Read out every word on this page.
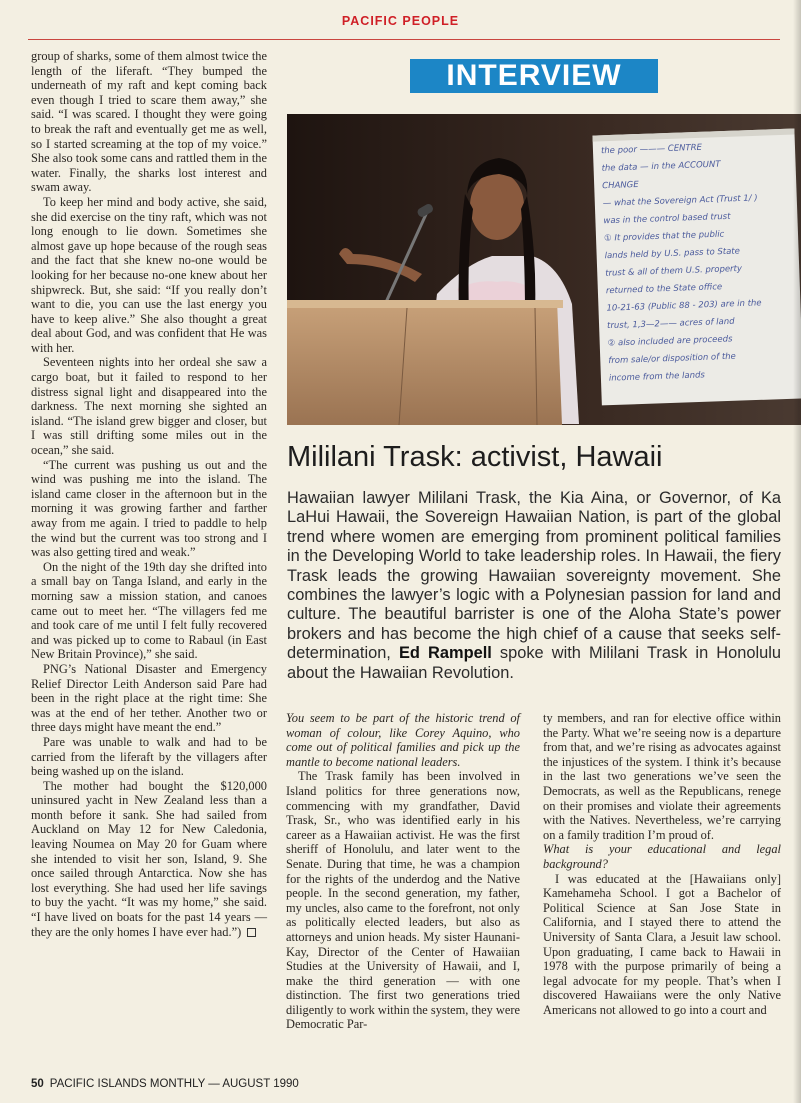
PACIFIC PEOPLE

group of sharks, some of them almost twice the length of the liferaft. “They bumped the underneath of my raft and kept coming back even though I tried to scare them away,” she said. “I was scared. I thought they were going to break the raft and eventually get me as well, so I started screaming at the top of my voice.” She also took some cans and rattled them in the water. Finally, the sharks lost interest and swam away.

To keep her mind and body active, she said, she did exercise on the tiny raft, which was not long enough to lie down. Sometimes she almost gave up hope because of the rough seas and the fact that she knew no-one would be looking for her because no-one knew about her shipwreck. But, she said: “If you really don’t want to die, you can use the last energy you have to keep alive.” She also thought a great deal about God, and was confident that He was with her.

Seventeen nights into her ordeal she saw a cargo boat, but it failed to respond to her distress signal light and disappeared into the darkness. The next morning she sighted an island. “The island grew bigger and closer, but I was still drifting some miles out in the ocean,” she said.

“The current was pushing us out and the wind was pushing me into the island. The island came closer in the afternoon but in the morning it was growing farther and farther away from me again. I tried to paddle to help the wind but the current was too strong and I was also getting tired and weak.”

On the night of the 19th day she drifted into a small bay on Tanga Island, and early in the morning saw a mission station, and canoes came out to meet her. “The villagers fed me and took care of me until I felt fully recovered and was picked up to come to Rabaul (in East New Britain Province),” she said.

PNG’s National Disaster and Emergency Relief Director Leith Anderson said Pare had been in the right place at the right time: She was at the end of her tether. Another two or three days might have meant the end.”

Pare was unable to walk and had to be carried from the liferaft by the villagers after being washed up on the island.

The mother had bought the $120,000 uninsured yacht in New Zealand less than a month before it sank. She had sailed from Auckland on May 12 for New Caledonia, leaving Noumea on May 20 for Guam where she intended to visit her son, Island, 9. She once sailed through Antarctica. Now she has lost everything. She had used her life savings to buy the yacht. “It was my home,” she said. “I have lived on boats for the past 14 years — they are the only homes I have ever had.”)

INTERVIEW
the poor ——— CENTRE
the data — in the ACCOUNT
CHANGE
— what the Sovereign Act (Trust 1/ )
was in the control based trust
① It provides that the public
lands held by U.S. pass to State
trust & all of them U.S. property
returned to the State office
10-21-63 (Public 88 - 203) are in the
trust, 1,3—2—— acres of land
② also included are proceeds
from sale/or disposition of the
income from the lands
Mililani Trask: activist, Hawaii
Hawaiian lawyer Mililani Trask, the Kia Aina, or Governor, of Ka LaHui Hawaii, the Sovereign Hawaiian Nation, is part of the global trend where women are emerging from prominent political families in the Developing World to take leadership roles. In Hawaii, the fiery Trask leads the growing Hawaiian sovereignty movement. She combines the lawyer’s logic with a Polynesian passion for land and culture. The beautiful barrister is one of the Aloha State’s power brokers and has become the high chief of a cause that seeks self-determination, Ed Rampell spoke with Mililani Trask in Honolulu about the Hawaiian Revolution.

You seem to be part of the historic trend of woman of colour, like Corey Aquino, who come out of political families and pick up the mantle to become national leaders.

The Trask family has been involved in Island politics for three generations now, commencing with my grandfather, David Trask, Sr., who was identified early in his career as a Hawaiian activist. He was the first sheriff of Honolulu, and later went to the Senate. During that time, he was a champion for the rights of the underdog and the Native people. In the second generation, my father, my uncles, also came to the forefront, not only as politically elected leaders, but also as attorneys and union heads. My sister Haunani-Kay, Director of the Center of Hawaiian Studies at the University of Hawaii, and I, make the third generation — with one distinction. The first two generations tried diligently to work within the system, they were Democratic Par-

ty members, and ran for elective office within the Party. What we’re seeing now is a departure from that, and we’re rising as advocates against the injustices of the system. I think it’s because in the last two generations we’ve seen the Democrats, as well as the Republicans, renege on their promises and violate their agreements with the Natives. Nevertheless, we’re carrying on a family tradition I’m proud of.

What is your educational and legal background?

I was educated at the [Hawaiians only] Kamehameha School. I got a Bachelor of Political Science at San Jose State in California, and I stayed there to attend the University of Santa Clara, a Jesuit law school. Upon graduating, I came back to Hawaii in 1978 with the purpose primarily of being a legal advocate for my people. That’s when I discovered Hawaiians were the only Native Americans not allowed to go into a court and

50 PACIFIC ISLANDS MONTHLY — AUGUST 1990
